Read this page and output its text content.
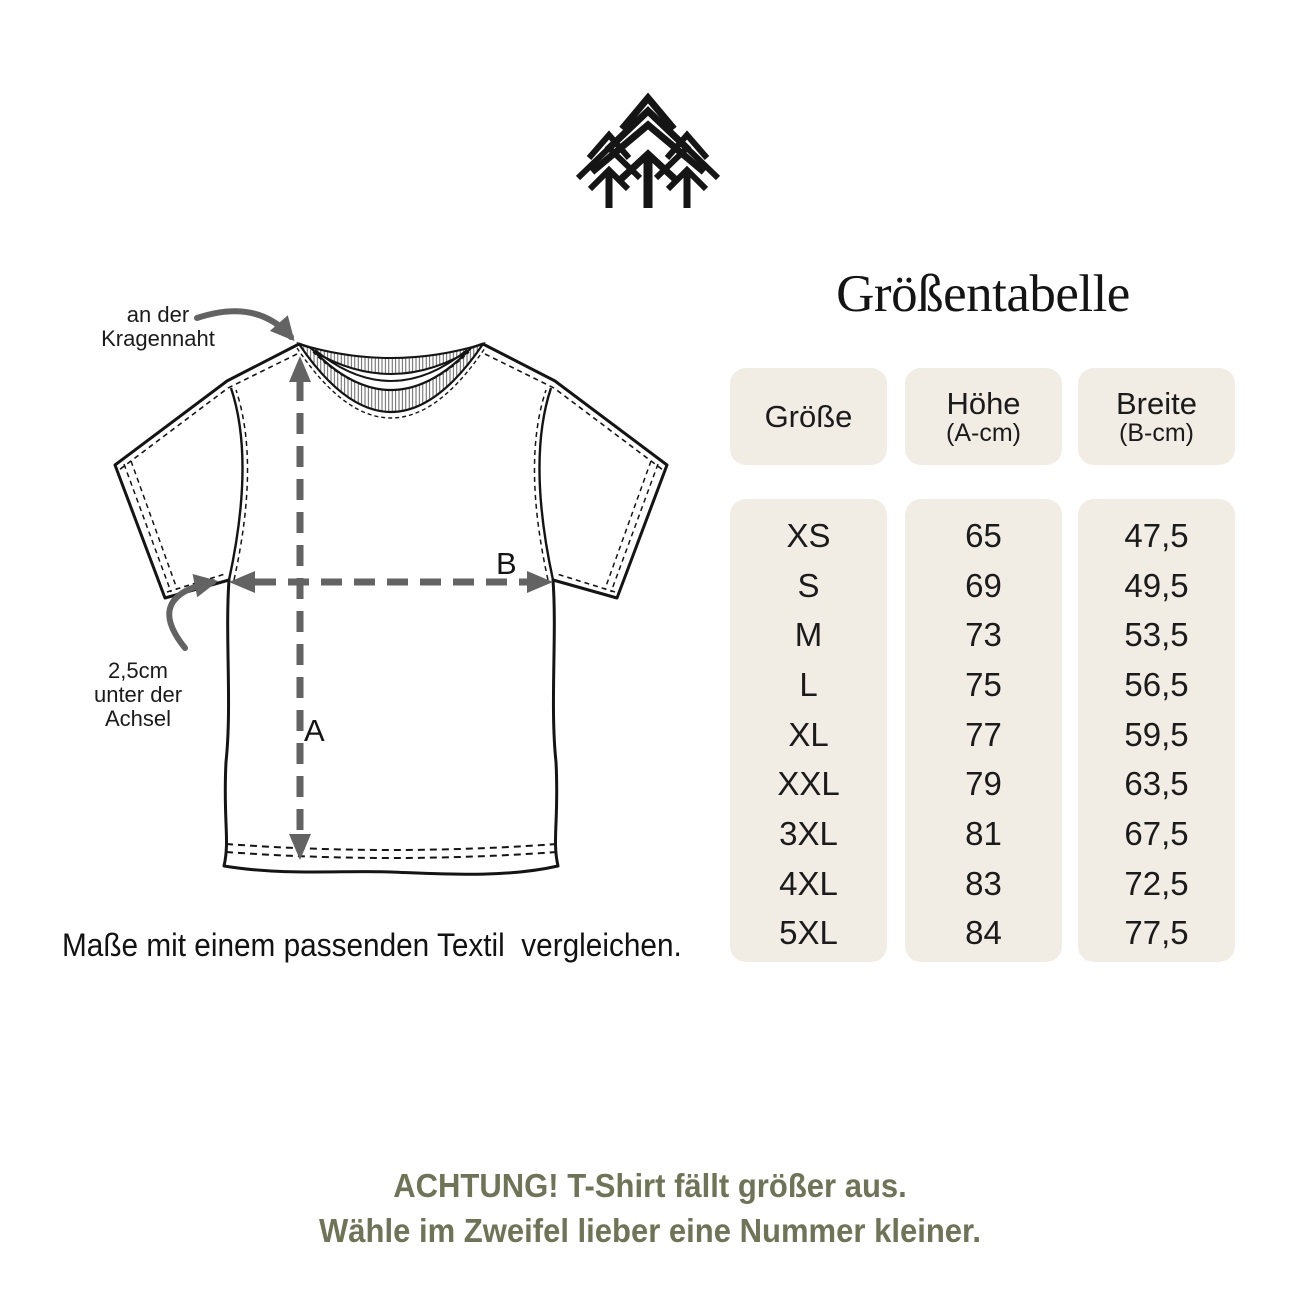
an der
Kragennaht
2,5cm
unter der Achsel	A
B
Maße mit einem passenden Textil  vergleichen.
Größentabelle
Größe	Höhe
(A-cm)
Breite
(B-cm)
XS
S
M
L
XL
XXL
3XL
4XL
5XL
65
69
73
75
77
79
81
83
84
47,5
49,5
53,5
56,5
59,5
63,5
67,5
72,5
77,5
ACHTUNG! T-Shirt fällt größer aus.
Wähle im Zweifel lieber eine Nummer kleiner.
